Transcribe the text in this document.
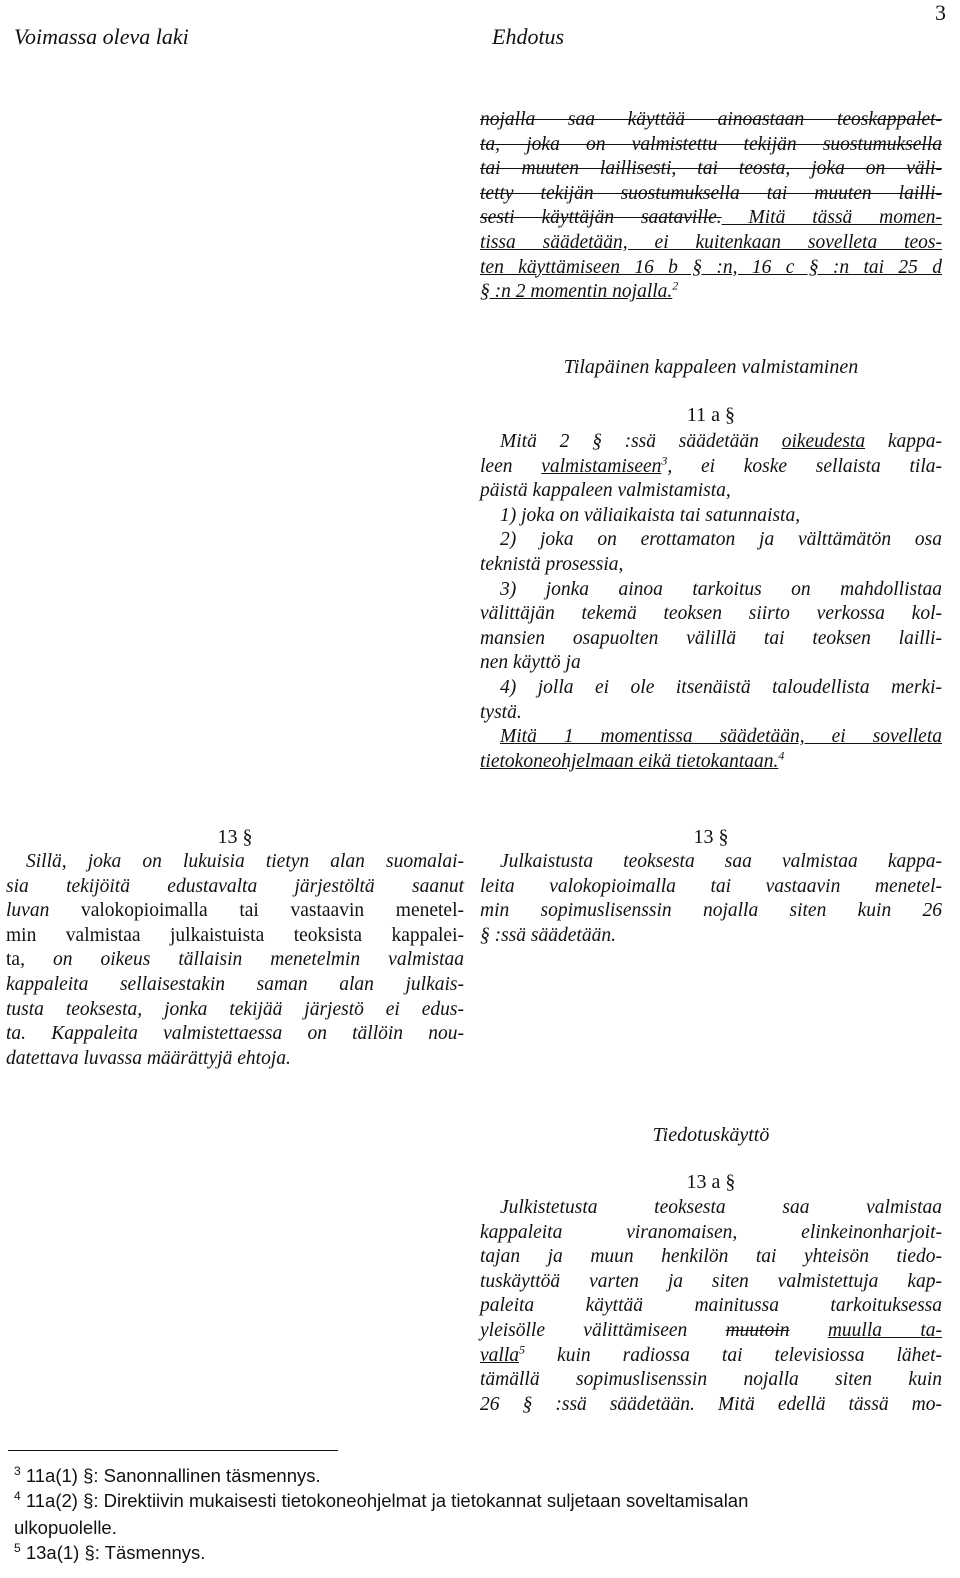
Voimassa oleva laki	Ehdotus
3
nojalla saa käyttää ainoastaan teoskappalet-
ta, joka on valmistettu tekijän suostumuksella
tai muuten laillisesti, tai teosta, joka on väli-
tetty tekijän suostumuksella tai muuten lailli-
sesti käyttäjän saataville. Mitä tässä momen-
tissa säädetään, ei kuitenkaan sovelleta teos-
ten käyttämiseen 16 b § :n, 16 c § :n tai 25 d
§ :n 2 momentin nojalla.$^2$
Tilapäinen kappaleen valmistaminen
11 a §
Mitä 2 § :ssä säädetään oikeudesta kappa-
leen valmistamiseen$^3$, ei koske sellaista tila-
päistä kappaleen valmistamista,
1) joka on väliaikaista tai satunnaista,
2) joka on erottamaton ja välttämätön osa
teknistä prosessia,
3) jonka ainoa tarkoitus on mahdollistaa
välittäjän tekemä teoksen siirto verkossa kol-
mansien osapuolten välillä tai teoksen lailli-
nen käyttö ja
4) jolla ei ole itsenäistä taloudellista merki-
tystä.
Mitä 1 momentissa säädetään, ei sovelleta
tietokoneohjelmaan eikä tietokantaan.$^4$
13 §
Sillä, joka on lukuisia tietyn alan suomalai-
sia tekijöitä edustavalta järjestöltä saanut
luvan valokopioimalla tai vastaavin menetel-
min valmistaa julkaistuista teoksista kappalei-
ta, on oikeus tällaisin menetelmin valmistaa
kappaleita sellaisestakin saman alan julkais-
tusta teoksesta, jonka tekijää järjestö ei edus-
ta. Kappaleita valmistettaessa on tällöin nou-
datettava luvassa määrättyjä ehtoja.
13 §
Julkaistusta teoksesta saa valmistaa kappa-
leita valokopioimalla tai vastaavin menetel-
min sopimuslisenssin nojalla siten kuin 26
§ :ssä säädetään.
Tiedotuskäyttö
13 a §
Julkistetusta teoksesta saa valmistaa
kappaleita viranomaisen, elinkeinonharjoit-
tajan ja muun henkilön tai yhteisön tiedo-
tuskäyttöä varten ja siten valmistettuja kap-
paleita käyttää mainitussa tarkoituksessa
yleisölle välittämiseen muutoin muulla ta-
valla$^5$ kuin radiossa tai televisiossa lähet-
tämällä sopimuslisenssin nojalla siten kuin
26 § :ssä säädetään. Mitä edellä tässä mo-
$^3$ 11a(1) §: Sanonnallinen täsmennys.
$^4$ 11a(2) §: Direktiivin mukaisesti tietokoneohjelmat ja tietokannat suljetaan soveltamisalan
ulkopuolelle.
$^5$ 13a(1) §: Täsmennys.
